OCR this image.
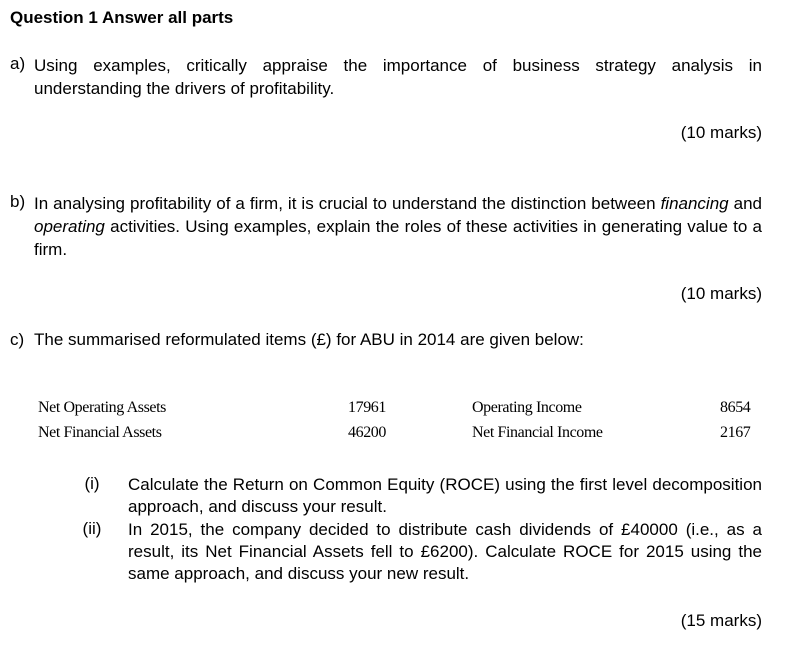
Question 1 Answer all parts
a) Using examples, critically appraise the importance of business strategy analysis in understanding the drivers of profitability.
(10 marks)
b) In analysing profitability of a firm, it is crucial to understand the distinction between financing and operating activities. Using examples, explain the roles of these activities in generating value to a firm.
(10 marks)
c) The summarised reformulated items (£) for ABU in 2014 are given below:
Net Operating Assets	17961	Operating Income	8654
Net Financial Assets	46200	Net Financial Income	2167
(i) Calculate the Return on Common Equity (ROCE) using the first level decomposition approach, and discuss your result.
(ii) In 2015, the company decided to distribute cash dividends of £40000 (i.e., as a result, its Net Financial Assets fell to £6200). Calculate ROCE for 2015 using the same approach, and discuss your new result.
(15 marks)
